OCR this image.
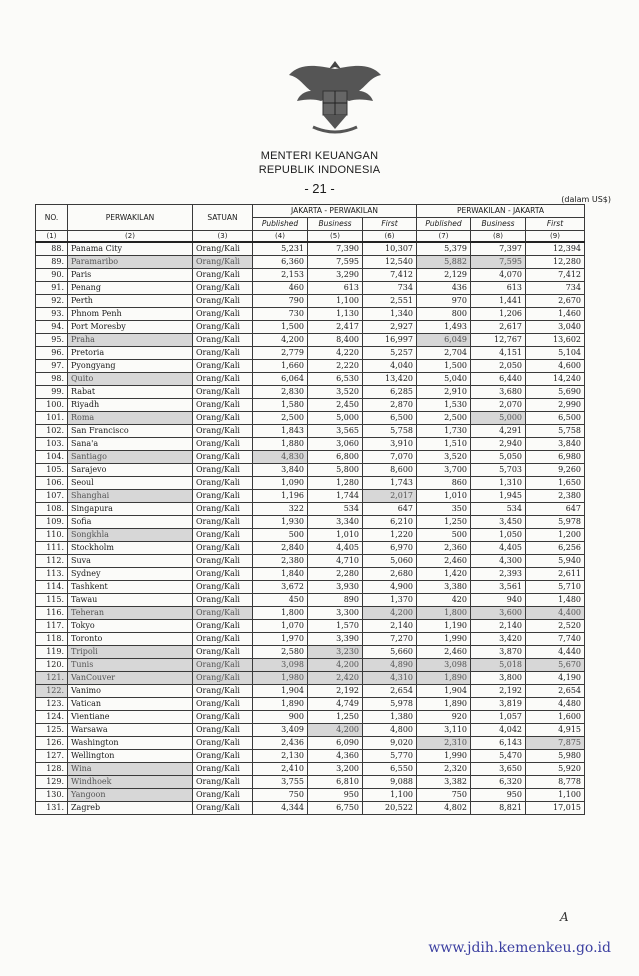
MENTERI KEUANGAN
REPUBLIK INDONESIA
- 21 -
(dalam US$)
NO.	PERWAKILAN	SATUAN	JAKARTA - PERWAKILAN			PERWAKILAN - JAKARTA		
			Published	Business	First	Published	Business	First
(1)	(2)	(3)	(4)	(5)	(6)	(7)	(8)	(9)
88.	Panama City	Orang/Kali	5,231	7,390	10,307	5,379	7,397	12,394
89.	Paramaribo	Orang/Kali	6,360	7,595	12,540	5,882	7,595	12,280
90.	Paris	Orang/Kali	2,153	3,290	7,412	2,129	4,070	7,412
91.	Penang	Orang/Kali	460	613	734	436	613	734
92.	Perth	Orang/Kali	790	1,100	2,551	970	1,441	2,670
93.	Phnom Penh	Orang/Kali	730	1,130	1,340	800	1,206	1,460
94.	Port Moresby	Orang/Kali	1,500	2,417	2,927	1,493	2,617	3,040
95.	Praha	Orang/Kali	4,200	8,400	16,997	6,049	12,767	13,602
96.	Pretoria	Orang/Kali	2,779	4,220	5,257	2,704	4,151	5,104
97.	Pyongyang	Orang/Kali	1,660	2,220	4,040	1,500	2,050	4,600
98.	Quito	Orang/Kali	6,064	6,530	13,420	5,040	6,440	14,240
99.	Rabat	Orang/Kali	2,830	3,520	6,285	2,910	3,680	5,690
100.	Riyadh	Orang/Kali	1,580	2,450	2,870	1,530	2,070	2,990
101.	Roma	Orang/Kali	2,500	5,000	6,500	2,500	5,000	6,500
102.	San Francisco	Orang/Kali	1,843	3,565	5,758	1,730	4,291	5,758
103.	Sana'a	Orang/Kali	1,880	3,060	3,910	1,510	2,940	3,840
104.	Santiago	Orang/Kali	4,830	6,800	7,070	3,520	5,050	6,980
105.	Sarajevo	Orang/Kali	3,840	5,800	8,600	3,700	5,703	9,260
106.	Seoul	Orang/Kali	1,090	1,280	1,743	860	1,310	1,650
107.	Shanghai	Orang/Kali	1,196	1,744	2,017	1,010	1,945	2,380
108.	Singapura	Orang/Kali	322	534	647	350	534	647
109.	Sofia	Orang/Kali	1,930	3,340	6,210	1,250	3,450	5,978
110.	Songkhla	Orang/Kali	500	1,010	1,220	500	1,050	1,200
111.	Stockholm	Orang/Kali	2,840	4,405	6,970	2,360	4,405	6,256
112.	Suva	Orang/Kali	2,380	4,710	5,060	2,460	4,300	5,940
113.	Sydney	Orang/Kali	1,840	2,280	2,680	1,420	2,393	2,611
114.	Tashkent	Orang/Kali	3,672	3,930	4,900	3,380	3,561	5,710
115.	Tawau	Orang/Kali	450	890	1,370	420	940	1,480
116.	Teheran	Orang/Kali	1,800	3,300	4,200	1,800	3,600	4,400
117.	Tokyo	Orang/Kali	1,070	1,570	2,140	1,190	2,140	2,520
118.	Toronto	Orang/Kali	1,970	3,390	7,270	1,990	3,420	7,740
119.	Tripoli	Orang/Kali	2,580	3,230	5,660	2,460	3,870	4,440
120.	Tunis	Orang/Kali	3,098	4,200	4,890	3,098	5,018	5,670
121.	VanCouver	Orang/Kali	1,980	2,420	4,310	1,890	3,800	4,190
122.	Vanimo	Orang/Kali	1,904	2,192	2,654	1,904	2,192	2,654
123.	Vatican	Orang/Kali	1,890	4,749	5,978	1,890	3,819	4,480
124.	Vientiane	Orang/Kali	900	1,250	1,380	920	1,057	1,600
125.	Warsawa	Orang/Kali	3,409	4,200	4,800	3,110	4,042	4,915
126.	Washington	Orang/Kali	2,436	6,090	9,020	2,310	6,143	7,875
127.	Wellington	Orang/Kali	2,130	4,360	5,770	1,990	5,470	5,980
128.	Wina	Orang/Kali	2,410	3,200	6,550	2,320	3,650	5,920
129.	Windhoek	Orang/Kali	3,755	6,810	9,088	3,382	6,320	8,778
130.	Yangoon	Orang/Kali	750	950	1,100	750	950	1,100
131.	Zagreb	Orang/Kali	4,344	6,750	20,522	4,802	8,821	17,015
A
www.jdih.kemenkeu.go.id
